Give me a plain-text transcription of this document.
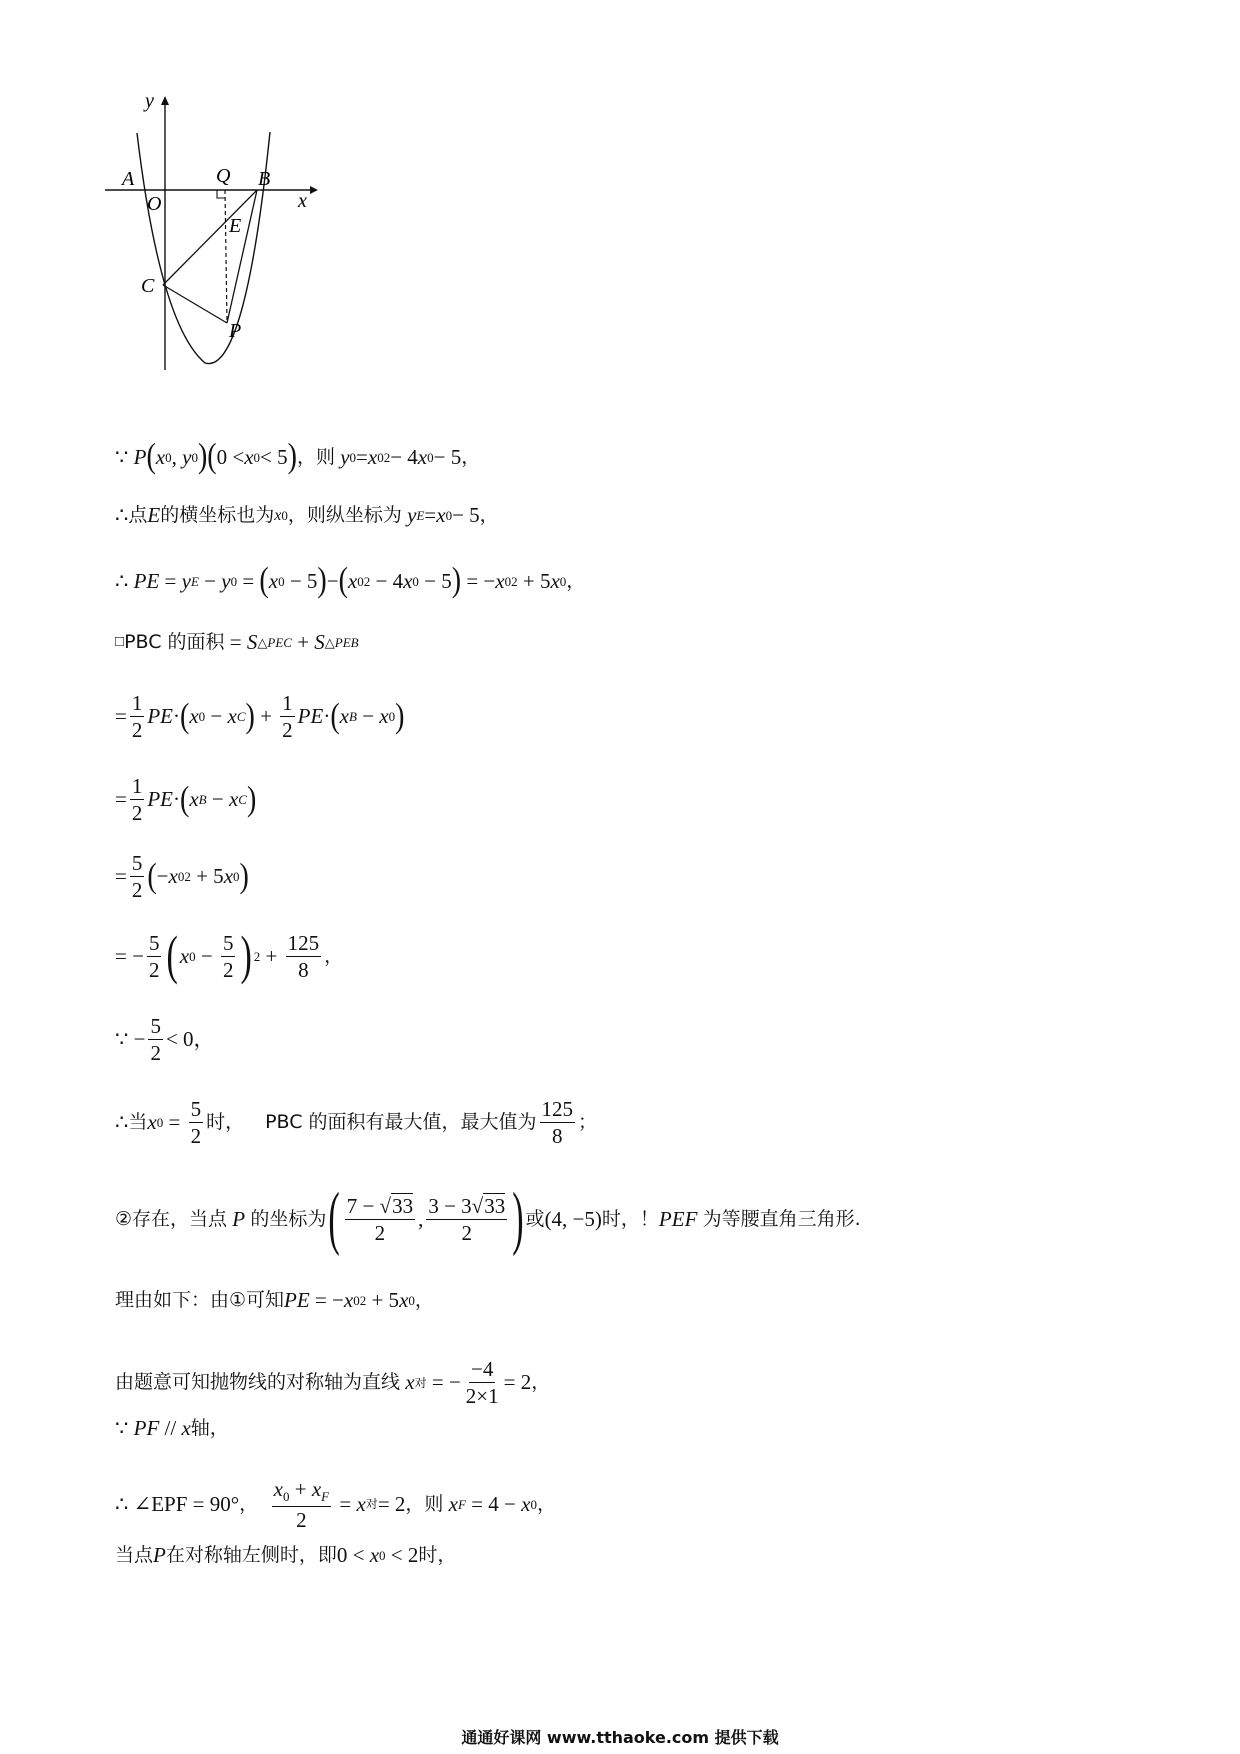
y
x
A
O
Q B
E
C
P
∵
P ( x 0 , y 0 ) ( 0 < x 0 < 5 ) ，则
y 0 = x 0 2 − 4 x 0 − 5 ，
∴ 点 E 的横坐标也为 x 0 ，则纵坐标为
y E = x 0 − 5 ，
∴
PE = y E − y 0 = ( x 0 − 5 ) − ( x 0 2 − 4 x 0 − 5 ) = − x 0 2 + 5 x 0 ，
□ PBC 的面积 = S △PEC + S △PEB
= $\frac{1}{2}$ PE · ( x 0 − x C ) + $\frac{1}{2}$ PE · ( x B − x 0 )
= $\frac{1}{2}$ PE · ( x B − x C )
= $\frac{5}{2}$ ( − x 0 2 + 5 x 0 )
= − $\frac{5}{2}$ ( x $0 - \frac{5}{2}$ ) $2 + \frac{125}{8}$ ，
∵ − $\frac{5}{2} < 0$，
∴ 当 x $0 = \frac{5}{2}$ 时，
PBC 的面积有最大值，最大值为 $\frac{125}{8}$ ；
②存在，当点
P
的坐标为 ( $\frac{7 - √33}{2}$ , $\frac{3 - 3√33}{2}$ ) 或 (4, −5) 时，！ PEF
为等腰直角三角形.
理由如下：由①可知 PE = − x 0 2 + 5 x 0 ，
由题意可知抛物线的对称轴为直线
x 对 = − $\frac{-4}{2\times 1} = 2$ ，
∵
PF // x 轴，
∴
∠EPF = 90° ，
$\frac{x_0 + x_F}{2} = x$ 对 = 2 ，则
x F = 4 − x 0 ，
当点 P 在对称轴左侧时，即 0 < x 0 < 2 时，
通通好课网 www.tthaoke.com 提供下载
